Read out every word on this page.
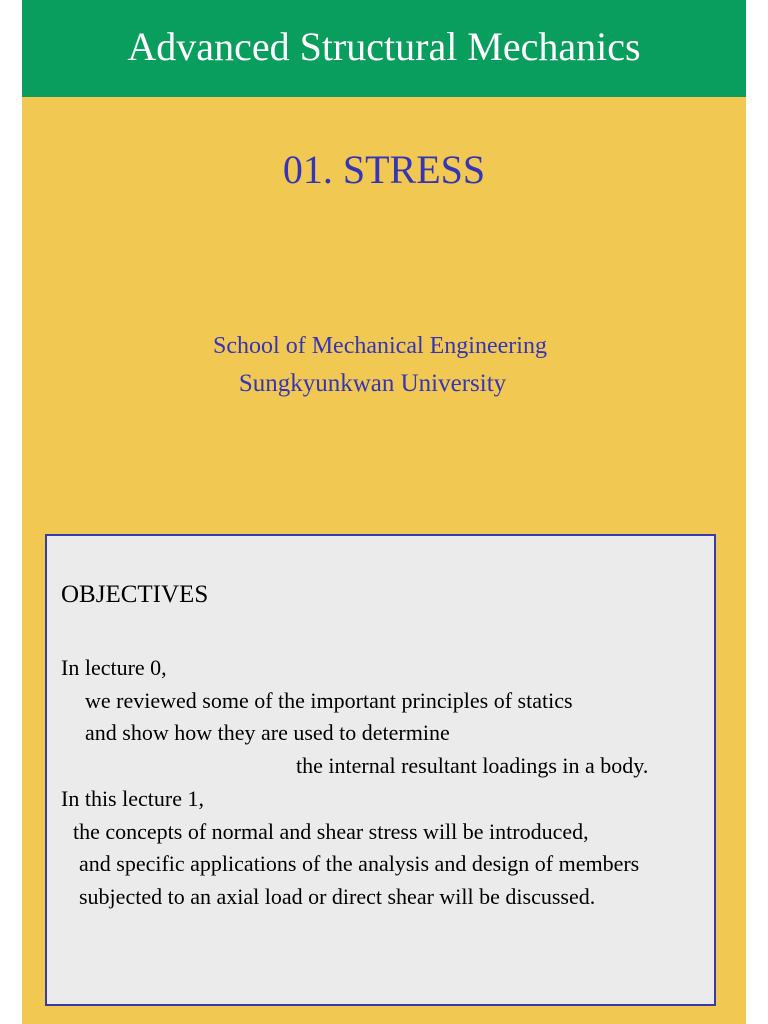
Advanced Structural Mechanics
01. STRESS
School of Mechanical Engineering
Sungkyunkwan University
OBJECTIVES
In lecture 0,
we reviewed some of the important principles of statics
and show how they are used to determine
the internal resultant loadings in a body.
In this lecture 1,
the concepts of normal and shear stress will be introduced,
and specific applications of the analysis and design of members
subjected to an axial load or direct shear will be discussed.
